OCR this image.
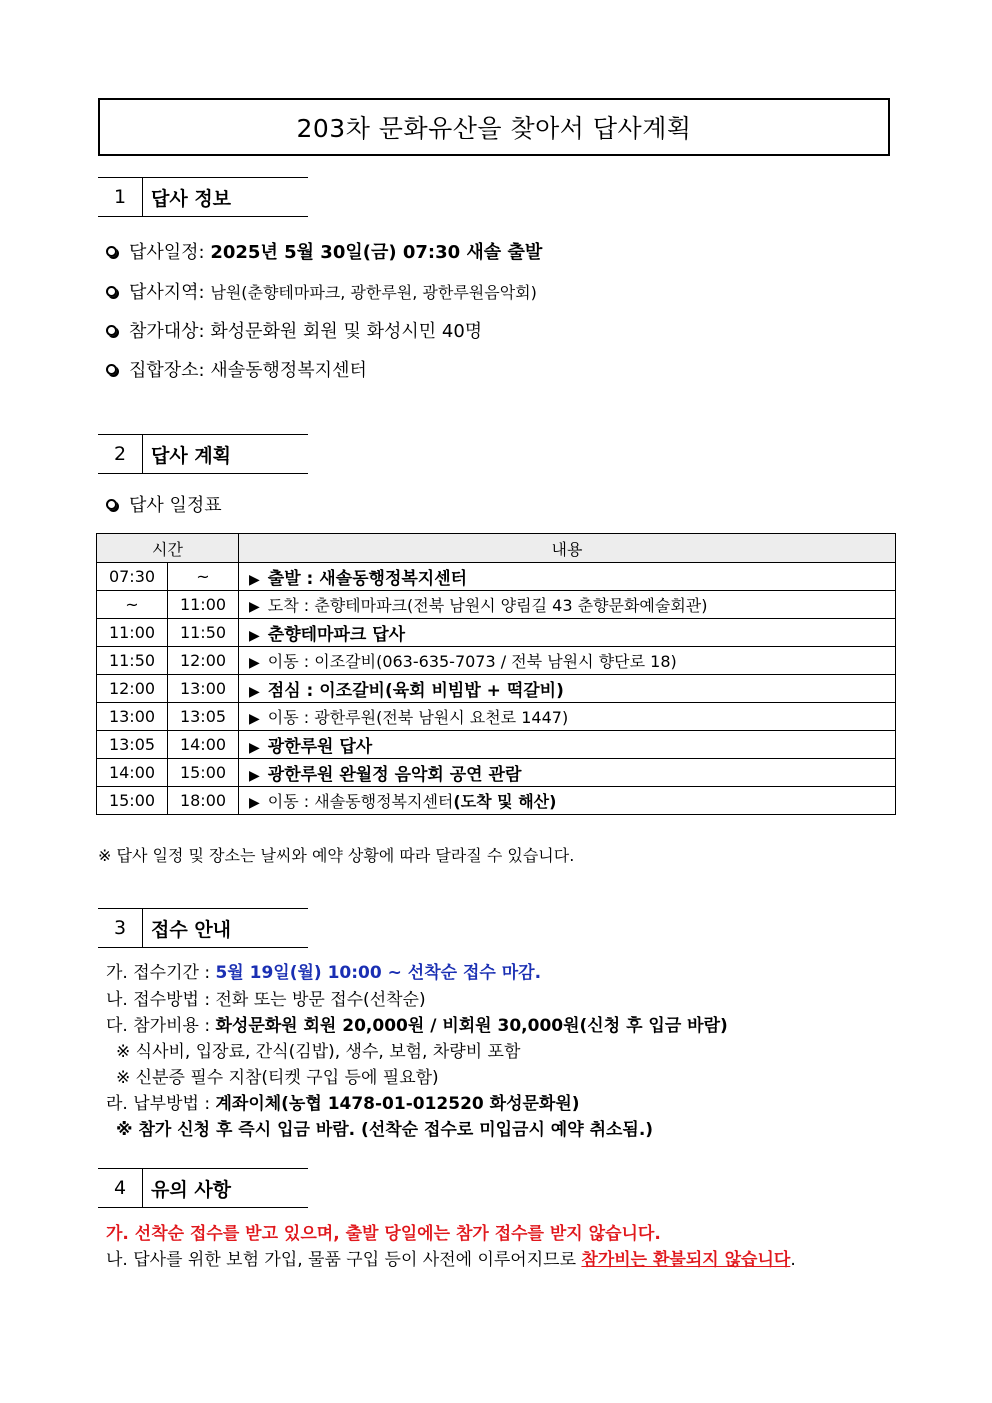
203차 문화유산을 찾아서 답사계획
1	답사 정보
답사일정:
2025년 5월 30일(금) 07:30 새솔 출발
답사지역:
남원(춘향테마파크, 광한루원, 광한루원음악회)
참가대상:
화성문화원 회원 및 화성시민 40명
집합장소:
새솔동행정복지센터
2	답사 계획
답사 일정표
시간		내용
07:30	~	▶ 출발 : 새솔동행정복지센터
~	11:00	▶ 도착 : 춘향테마파크(전북 남원시 양림길 43 춘향문화예술회관)
11:00	11:50	▶ 춘향테마파크 답사
11:50	12:00	▶ 이동 : 이조갈비(063-635-7073 / 전북 남원시 향단로 18)
12:00	13:00	▶ 점심 : 이조갈비(육회 비빔밥 + 떡갈비)
13:00	13:05	▶ 이동 : 광한루원(전북 남원시 요천로 1447)
13:05	14:00	▶ 광한루원 답사
14:00	15:00	▶ 광한루원 완월정 음악회 공연 관람
15:00	18:00	▶ 이동 : 새솔동행정복지센터(도착 및 해산)
※ 답사 일정 및 장소는 날씨와 예약 상황에 따라 달라질 수 있습니다.
3	접수 안내
가. 접수기간 : 5월 19일(월) 10:00 ~ 선착순 접수 마감.
나. 접수방법 : 전화 또는 방문 접수(선착순)
다. 참가비용 : 화성문화원 회원 20,000원 / 비회원 30,000원(신청 후 입금 바람)
※ 식사비, 입장료, 간식(김밥), 생수, 보험, 차량비 포함
※ 신분증 필수 지참(티켓 구입 등에 필요함)
라. 납부방법 : 계좌이체(농협 1478-01-012520 화성문화원)
※ 참가 신청 후 즉시 입금 바람. (선착순 접수로 미입금시 예약 취소됨.)
4	유의 사항
가. 선착순 접수를 받고 있으며, 출발 당일에는 참가 접수를 받지 않습니다.
나. 답사를 위한 보험 가입, 물품 구입 등이 사전에 이루어지므로 참가비는 환불되지 않습니다.
